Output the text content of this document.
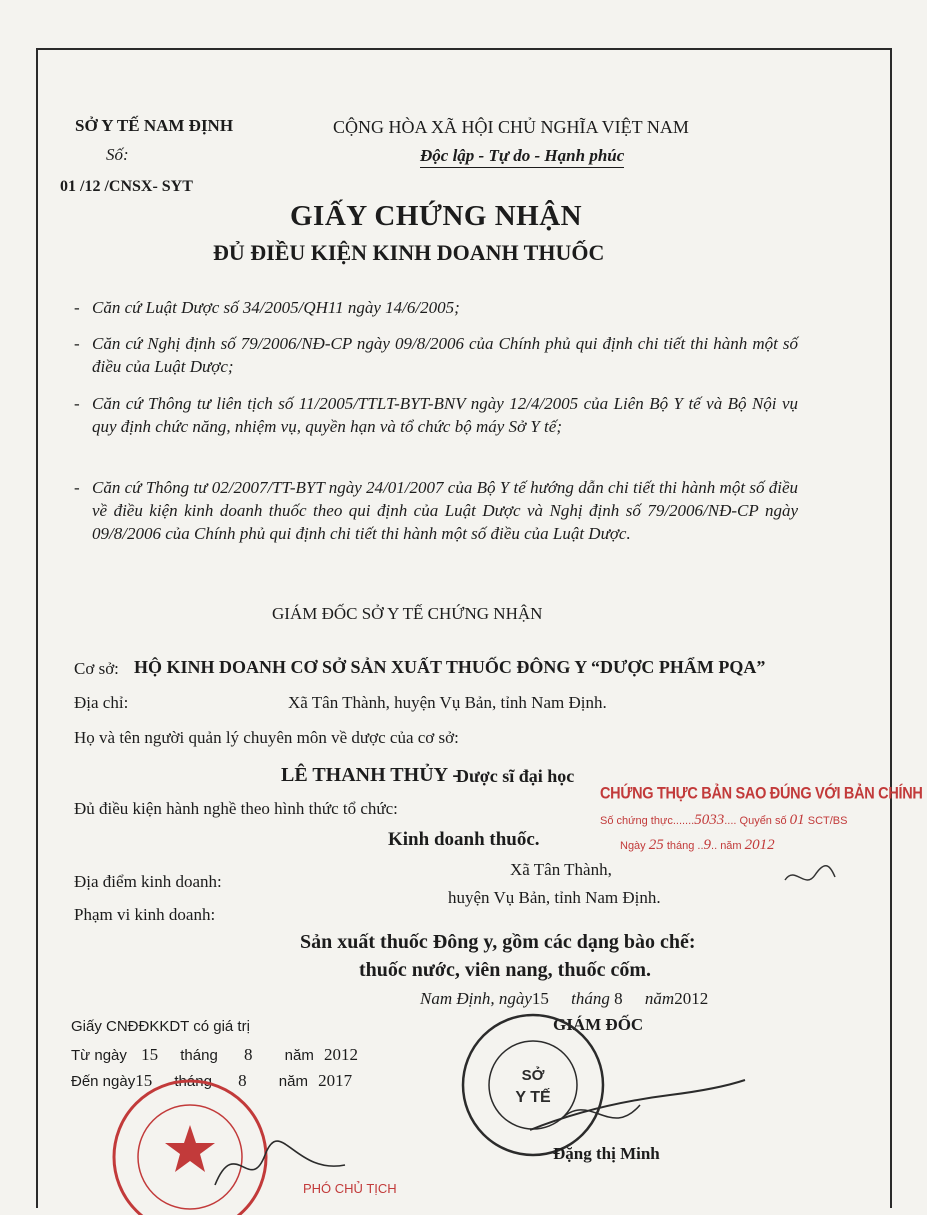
SỞ Y TẾ NAM ĐỊNH
Số:
01 /12 /CNSX- SYT
CỘNG HÒA XÃ HỘI CHỦ NGHĨA VIỆT NAM
Độc lập - Tự do - Hạnh phúc
GIẤY CHỨNG NHẬN
ĐỦ ĐIỀU KIỆN KINH DOANH THUỐC
- Căn cứ Luật Dược số 34/2005/QH11 ngày 14/6/2005;
- Căn cứ Nghị định số 79/2006/NĐ-CP ngày 09/8/2006 của Chính phủ qui định chi tiết thi hành một số điều của Luật Dược;
- Căn cứ Thông tư liên tịch số 11/2005/TTLT-BYT-BNV ngày 12/4/2005 của Liên Bộ Y tế và Bộ Nội vụ quy định chức năng, nhiệm vụ, quyền hạn và tổ chức bộ máy Sở Y tế;
- Căn cứ Thông tư 02/2007/TT-BYT ngày 24/01/2007 của Bộ Y tế hướng dẫn chi tiết thi hành một số điều về điều kiện kinh doanh thuốc theo qui định của Luật Dược và Nghị định số 79/2006/NĐ-CP ngày 09/8/2006 của Chính phủ qui định chi tiết thi hành một số điều của Luật Dược.
GIÁM ĐỐC SỞ Y TẾ CHỨNG NHẬN
Cơ sở: HỘ KINH DOANH CƠ SỞ SẢN XUẤT THUỐC ĐÔNG Y “DƯỢC PHẨM PQA”
Địa chỉ:	Xã Tân Thành, huyện Vụ Bản, tỉnh Nam Định.
Họ và tên người quản lý chuyên môn về dược của cơ sở:
LÊ THANH THỦY -
Dược sĩ đại học
Đủ điều kiện hành nghề theo hình thức tổ chức:
Kinh doanh thuốc.
Xã Tân Thành,
Địa điểm kinh doanh:
huyện Vụ Bản, tỉnh Nam Định.
Phạm vi kinh doanh:
Sản xuất thuốc Đông y, gồm các dạng bào chế:
thuốc nước, viên nang, thuốc cốm.
Nam Định, ngày15 tháng 8 năm2012
GIÁM ĐỐC
Giấy CNĐĐKKDT có giá trị
Từ ngày 15 tháng 8 năm 2012
Đến ngày15 tháng 8 năm 2017
CHỨNG THỰC BẢN SAO ĐÚNG VỚI BẢN CHÍNH
Số chứng thực.......5033.... Quyển số 01 SCT/BS
Ngày 25 tháng ..9.. năm 2012
SỞ
Y TẾ
Đặng thị Minh
PHÓ CHỦ TỊCH
